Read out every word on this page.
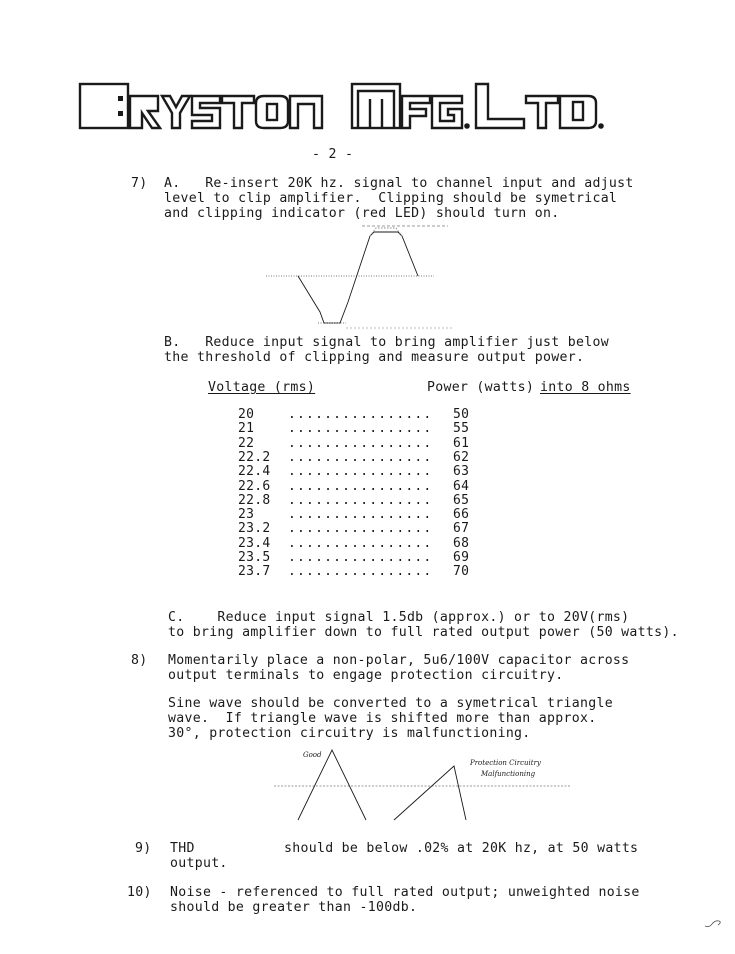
- 2 -
7) A.   Re-insert 20K hz. signal to channel input and adjust
level to clip amplifier.  Clipping should be symetrical
and clipping indicator (red LED) should turn on.
B.   Reduce input signal to bring amplifier just below
the threshold of clipping and measure output power.
Voltage (rms)	Power (watts) into 8 ohms
20	................ 50
21	................ 55
22	................ 61
22.2 ................ 62
22.4 ................ 63
22.6 ................ 64
22.8 ................ 65
23	................ 66
23.2 ................ 67
23.4 ................ 68
23.5 ................ 69
23.7 ................ 70
C.    Reduce input signal 1.5db (approx.) or to 20V(rms)
to bring amplifier down to full rated output power (50 watts).
8) Momentarily place a non-polar, 5u6/100V capacitor across
output terminals to engage protection circuitry.
Sine wave should be converted to a symetrical triangle
wave.  If triangle wave is shifted more than approx.
30°, protection circuitry is malfunctioning.
Good
Protection Circuitry
Malfunctioning
9) THD	should be below .02% at 20K hz, at 50 watts
output.
10) Noise - referenced to full rated output; unweighted noise
should be greater than -100db.
